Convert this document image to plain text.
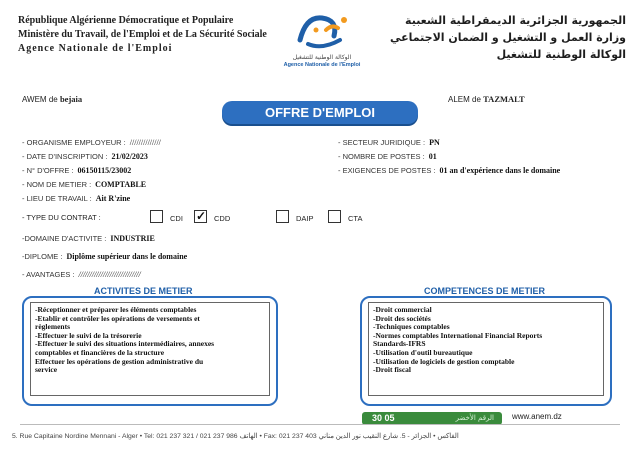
République Algérienne Démocratique et Populaire
Ministère du Travail, de l'Emploi et de La Sécurité Sociale
Agence Nationale de l'Emploi
الوكالة الوطنية للتشغيل
Agence Nationale de l'Emploi
الجمهورية الجزائرية الديمقراطية الشعبية
وزارة العمل و التشغيل و الضمان الاجتماعي
الوكالة الوطنية للتشغيل
AWEM de bejaia	ALEM de TAZMALT
OFFRE D'EMPLOI
- ORGANISME EMPLOYEUR : //////////////
- DATE D'INSCRIPTION : 21/02/2023
- N° D'OFFRE : 06150115/23002
- NOM DE METIER : COMPTABLE
- LIEU DE TRAVAIL : Ait R'zine
- SECTEUR JURIDIQUE : PN
- NOMBRE DE POSTES : 01
- EXIGENCES DE POSTES : 01 an d'expérience dans le domaine
- TYPE DU CONTRAT :	CDI
✓	CDD	DAIP	CTA
-DOMAINE D'ACTIVITE : INDUSTRIE
-DIPLOME : Diplôme supérieur dans le domaine
- AVANTAGES : ////////////////////////////
ACTIVITES DE METIER
-Réceptionner et préparer les éléments comptables
-Etablir et contrôler les opérations de versements et
règlements
-Effectuer le suivi de la trésorerie
-Effectuer le suivi des situations intermédiaires, annexes
comptables et financières de la structure
Effectuer les opérations de gestion administrative du
service
COMPETENCES DE METIER
-Droit commercial
-Droit des sociétés
-Techniques comptables
-Normes comptables International Financial Reports
Standards-IFRS
-Utilisation d'outil bureautique
-Utilisation de logiciels de gestion comptable
-Droit fiscal
30 05	الرقم الأخضر www.anem.dz
5. Rue Capitaine Nordine Mennani - Alger • Tel: 021 237 321 / 021 237 986 الهاتف • Fax: 021 237 403 الفاكس • الجزائر - 5. شارع النقيب نور الدين مناني
